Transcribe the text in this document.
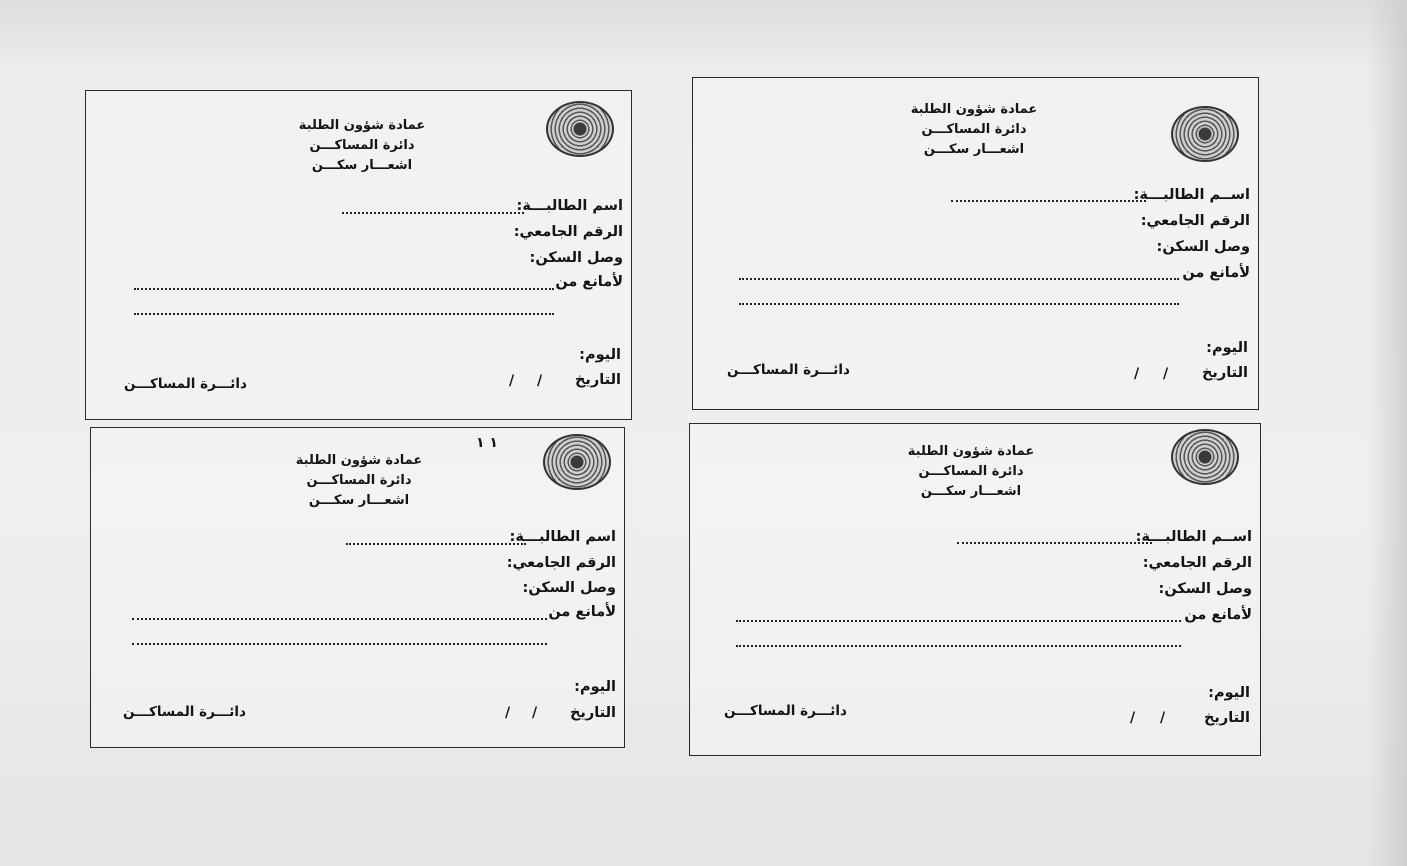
عمادة شؤون الطلبة
دائرة المساكـــن
اشعـــار سكـــن
اســم الطالبـــة:
الرقم الجامعي:
وصل السكن:
لأمانع من
اليوم:
التاريخ
/
/
دائـــرة المساكـــن
عمادة شؤون الطلبة
دائرة المساكـــن
اشعـــار سكـــن
اســم الطالبـــة:
الرقم الجامعي:
وصل السكن:
لأمانع من
اليوم:
التاريخ
/
/
دائـــرة المساكـــن
عمادة شؤون الطلبة
دائرة المساكـــن
اشعـــار سكـــن
اسم الطالبـــة:
الرقم الجامعي:
وصل السكن:
لأمانع من
اليوم:
التاريخ
/
/
دائـــرة المساكـــن
١ ١
عمادة شؤون الطلبة
دائرة المساكـــن
اشعـــار سكـــن
اسم الطالبـــة:
الرقم الجامعي:
وصل السكن:
لأمانع من
اليوم:
التاريخ
/
/
دائـــرة المساكـــن
